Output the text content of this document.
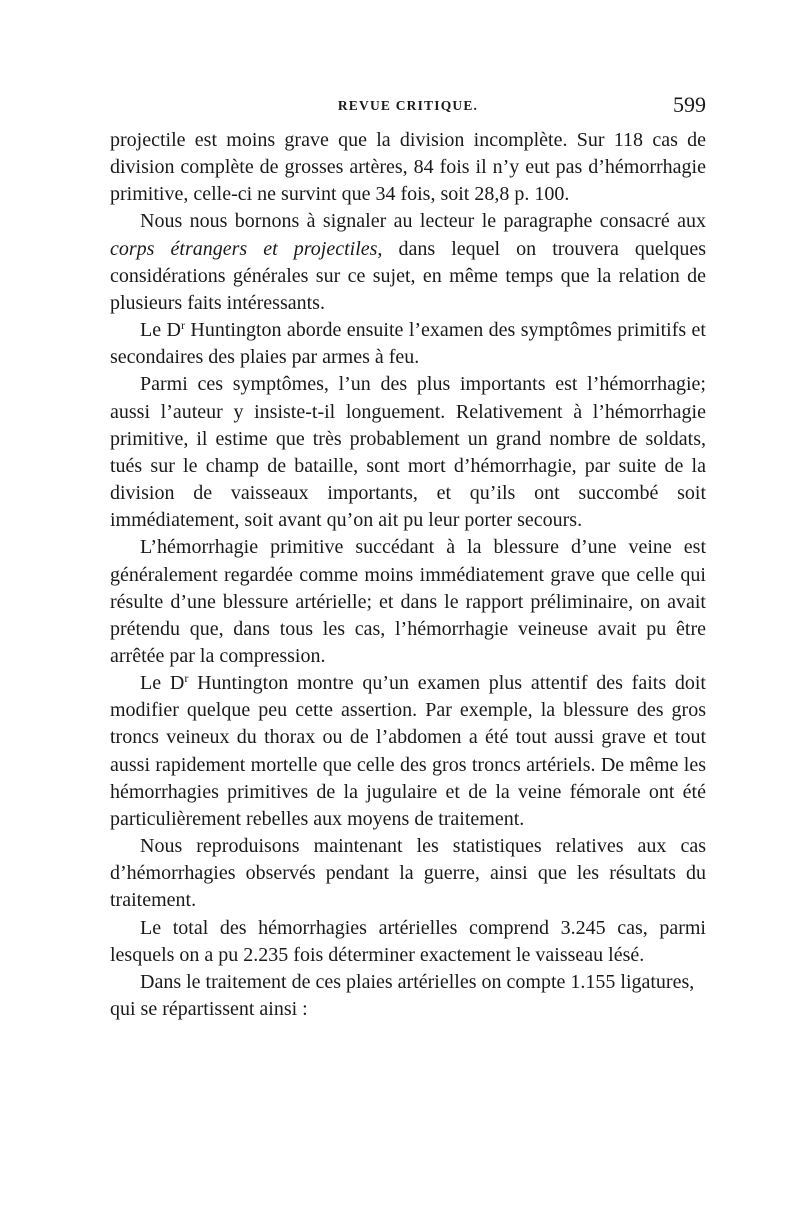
REVUE CRITIQUE.	599

projectile est moins grave que la division incomplète. Sur 118 cas de division complète de grosses artères, 84 fois il n’y eut pas d’hémorrhagie primitive, celle-ci ne survint que 34 fois, soit 28,8 p. 100.

Nous nous bornons à signaler au lecteur le paragraphe consacré aux corps étrangers et projectiles, dans lequel on trouvera quelques considérations générales sur ce sujet, en même temps que la relation de plusieurs faits intéressants.

Le $D^r$ Huntington aborde ensuite l’examen des symptômes primitifs et secondaires des plaies par armes à feu.

Parmi ces symptômes, l’un des plus importants est l’hémorrhagie; aussi l’auteur y insiste-t-il longuement. Relativement à l’hémorrhagie primitive, il estime que très probablement un grand nombre de soldats, tués sur le champ de bataille, sont mort d’hémorrhagie, par suite de la division de vaisseaux importants, et qu’ils ont succombé soit immédiatement, soit avant qu’on ait pu leur porter secours.

L’hémorrhagie primitive succédant à la blessure d’une veine est généralement regardée comme moins immédiatement grave que celle qui résulte d’une blessure artérielle; et dans le rapport préliminaire, on avait prétendu que, dans tous les cas, l’hémorrhagie veineuse avait pu être arrêtée par la compression.

Le $D^r$ Huntington montre qu’un examen plus attentif des faits doit modifier quelque peu cette assertion. Par exemple, la blessure des gros troncs veineux du thorax ou de l’abdomen a été tout aussi grave et tout aussi rapidement mortelle que celle des gros troncs artériels. De même les hémorrhagies primitives de la jugulaire et de la veine fémorale ont été particulièrement rebelles aux moyens de traitement.

Nous reproduisons maintenant les statistiques relatives aux cas d’hémorrhagies observés pendant la guerre, ainsi que les résultats du traitement.

Le total des hémorrhagies artérielles comprend 3.245 cas, parmi lesquels on a pu 2.235 fois déterminer exactement le vaisseau lésé.

Dans le traitement de ces plaies artérielles on compte 1.155 ligatures, qui se répartissent ainsi :
